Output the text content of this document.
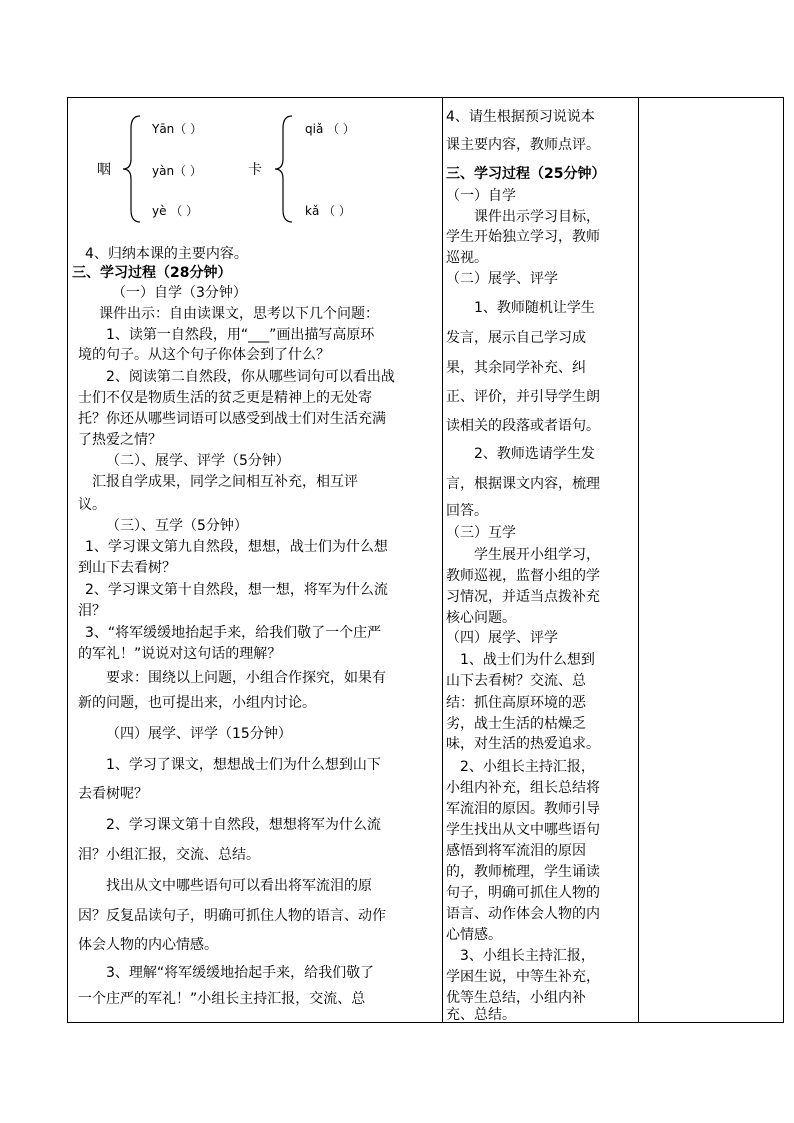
咽
Yān（ ）
yàn（ ）
yè （ ）
卡
qiǎ （ ）
kǎ （ ）
4、归纳本课的主要内容。
三、学习过程（28分钟）
（一）自学（3分钟）
课件出示：自由读课文，思考以下几个问题：
1、读第一自然段，用“___”画出描写高原环
境的句子。从这个句子你体会到了什么？
2、阅读第二自然段，你从哪些词句可以看出战
士们不仅是物质生活的贫乏更是精神上的无处寄
托？你还从哪些词语可以感受到战士们对生活充满
了热爱之情？
（二）、展学、评学（5分钟）
汇报自学成果，同学之间相互补充，相互评
议。
（三）、互学（5分钟）
1、学习课文第九自然段，想想，战士们为什么想
到山下去看树？
2、学习课文第十自然段，想一想，将军为什么流
泪？
3、“将军缓缓地抬起手来，给我们敬了一个庄严
的军礼！”说说对这句话的理解？
要求：围绕以上问题，小组合作探究，如果有
新的问题，也可提出来，小组内讨论。
（四）展学、评学（15分钟）
1、学习了课文，想想战士们为什么想到山下
去看树呢？
2、学习课文第十自然段，想想将军为什么流
泪？小组汇报，交流、总结。
找出从文中哪些语句可以看出将军流泪的原
因？反复品读句子，明确可抓住人物的语言、动作
体会人物的内心情感。
3、理解“将军缓缓地抬起手来，给我们敬了
一个庄严的军礼！”小组长主持汇报，交流、总
4、请生根据预习说说本
课主要内容，教师点评。
三、学习过程（25分钟）
（一）自学
课件出示学习目标，
学生开始独立学习，教师
巡视。
（二）展学、评学
1、教师随机让学生
发言，展示自己学习成
果，其余同学补充、纠
正、评价，并引导学生朗
读相关的段落或者语句。
2、教师选请学生发
言，根据课文内容，梳理
回答。
（三）互学
学生展开小组学习，
教师巡视，监督小组的学
习情况，并适当点拨补充
核心问题。
（四）展学、评学
1、战士们为什么想到
山下去看树？交流、总
结：抓住高原环境的恶
劣，战士生活的枯燥乏
味，对生活的热爱追求。
2、小组长主持汇报，
小组内补充，组长总结将
军流泪的原因。教师引导
学生找出从文中哪些语句
感悟到将军流泪的原因
的，教师梳理，学生诵读
句子，明确可抓住人物的
语言、动作体会人物的内
心情感。
3、小组长主持汇报，
学困生说，中等生补充，
优等生总结，小组内补
充、总结。
